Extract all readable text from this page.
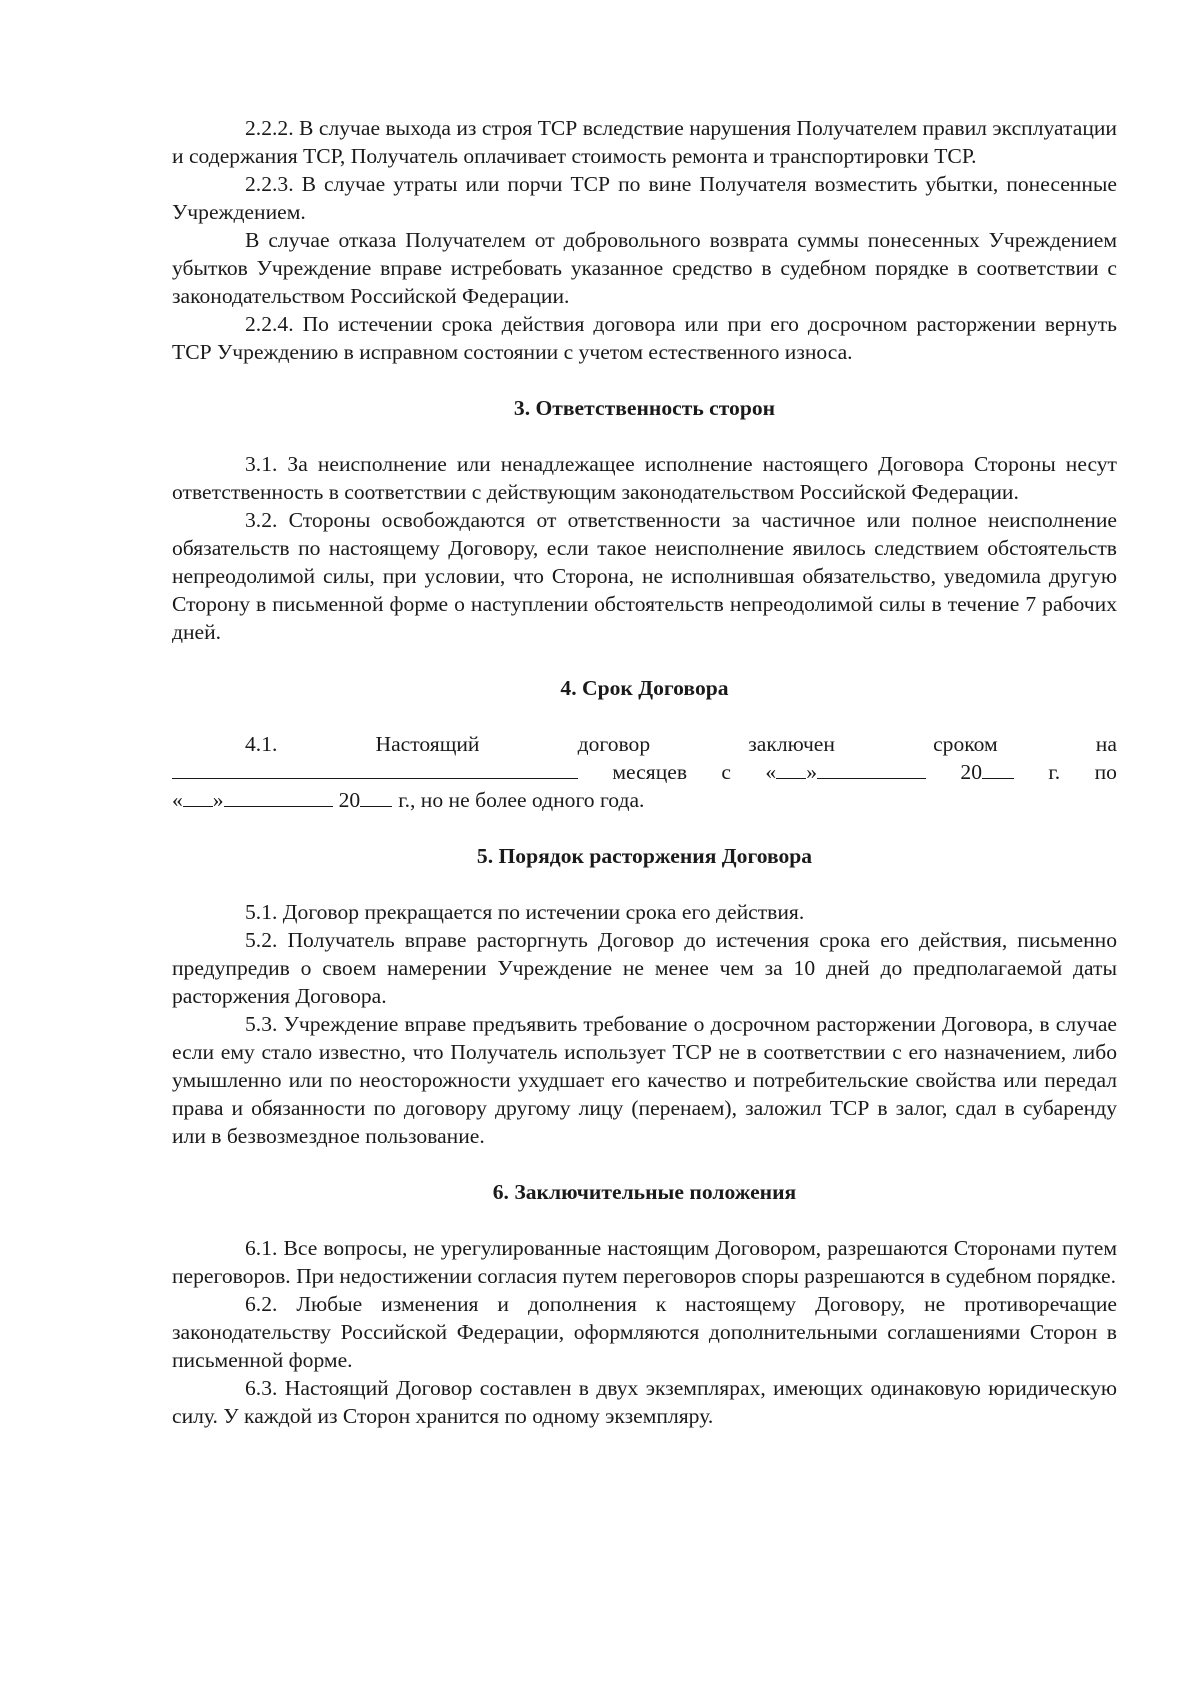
2.2.2. В случае выхода из строя ТСР вследствие нарушения Получателем правил эксплуатации и содержания ТСР, Получатель оплачивает стоимость ремонта и транспортировки ТСР.

2.2.3. В случае утраты или порчи ТСР по вине Получателя возместить убытки, понесенные Учреждением.

В случае отказа Получателем от добровольного возврата суммы понесенных Учреждением убытков Учреждение вправе истребовать указанное средство в судебном порядке в соответствии с законодательством Российской Федерации.

2.2.4. По истечении срока действия договора или при его досрочном расторжении вернуть ТСР Учреждению в исправном состоянии с учетом естественного износа.

3. Ответственность сторон

3.1. За неисполнение или ненадлежащее исполнение настоящего Договора Стороны несут ответственность в соответствии с действующим законодательством Российской Федерации.

3.2. Стороны освобождаются от ответственности за частичное или полное неисполнение обязательств по настоящему Договору, если такое неисполнение явилось следствием обстоятельств непреодолимой силы, при условии, что Сторона, не исполнившая обязательство, уведомила другую Сторону в письменной форме о наступлении обстоятельств непреодолимой силы в течение 7 рабочих дней.

4. Срок Договора

4.1.	Настоящий	договор	заключен	сроком	на
месяцев с « »	20	г. по
« »	20 г., но не более одного года.

5. Порядок расторжения Договора

5.1. Договор прекращается по истечении срока его действия.

5.2. Получатель вправе расторгнуть Договор до истечения срока его действия, письменно предупредив о своем намерении Учреждение не менее чем за 10 дней до предполагаемой даты расторжения Договора.

5.3. Учреждение вправе предъявить требование о досрочном расторжении Договора, в случае если ему стало известно, что Получатель использует ТСР не в соответствии с его назначением, либо умышленно или по неосторожности ухудшает его качество и потребительские свойства или передал права и обязанности по договору другому лицу (перенаем), заложил ТСР в залог, сдал в субаренду или в безвозмездное пользование.

6. Заключительные положения

6.1. Все вопросы, не урегулированные настоящим Договором, разрешаются Сторонами путем переговоров. При недостижении согласия путем переговоров споры разрешаются в судебном порядке.

6.2. Любые изменения и дополнения к настоящему Договору, не противоречащие законодательству Российской Федерации, оформляются дополнительными соглашениями Сторон в письменной форме.

6.3. Настоящий Договор составлен в двух экземплярах, имеющих одинаковую юридическую силу. У каждой из Сторон хранится по одному экземпляру.
